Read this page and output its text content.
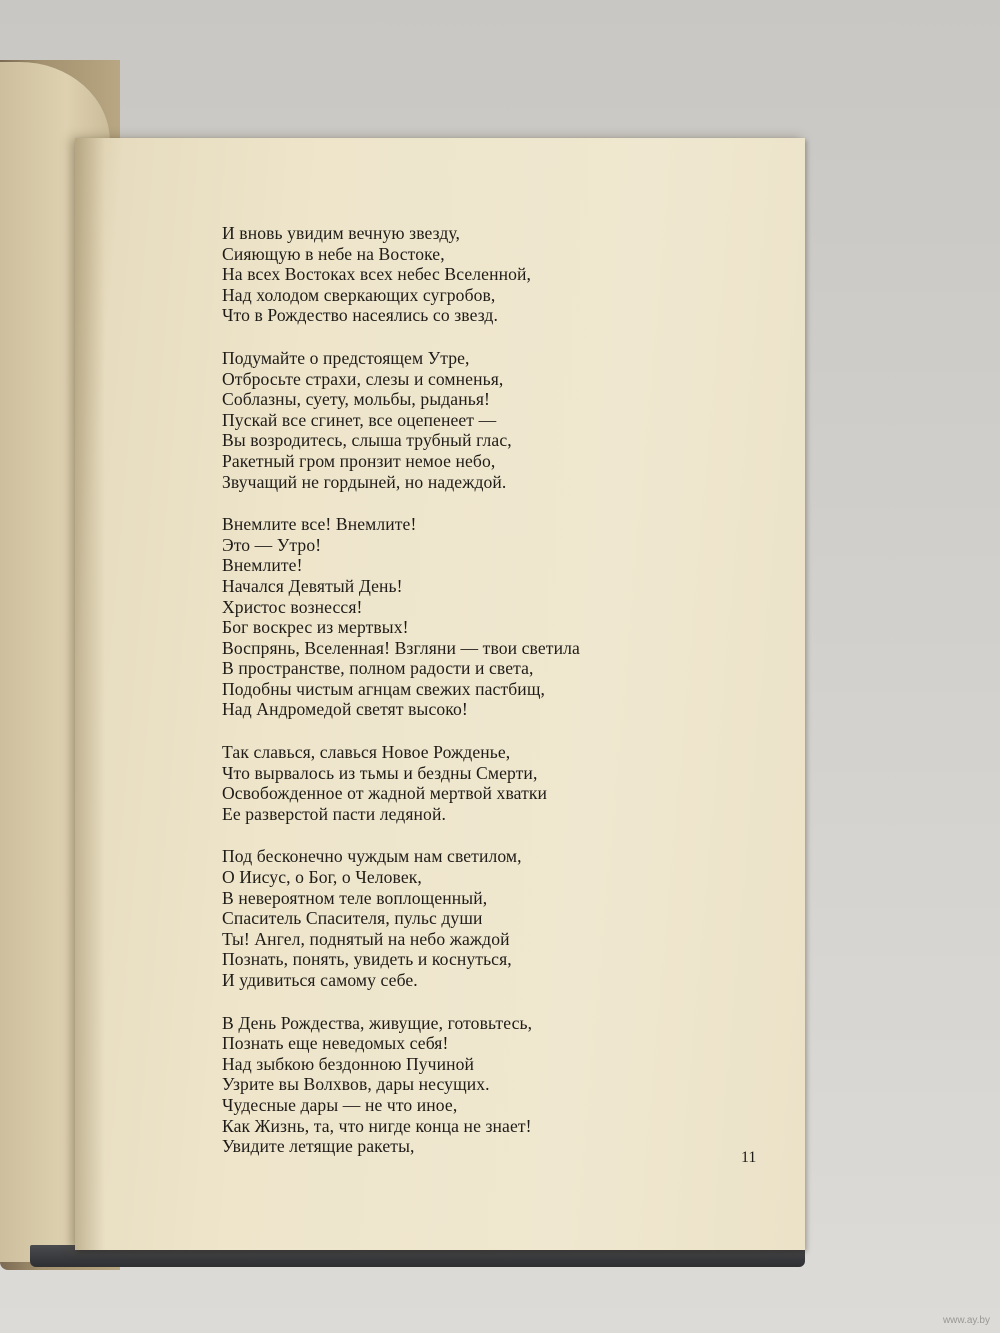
И вновь увидим вечную звезду,
Сияющую в небе на Востоке,
На всех Востоках всех небес Вселенной,
Над холодом сверкающих сугробов,
Что в Рождество насеялись со звезд.
Подумайте о предстоящем Утре,
Отбросьте страхи, слезы и сомненья,
Соблазны, суету, мольбы, рыданья!
Пускай все сгинет, все оцепенеет —
Вы возродитесь, слыша трубный глас,
Ракетный гром пронзит немое небо,
Звучащий не гордыней, но надеждой.
Внемлите все! Внемлите!
Это — Утро!
Внемлите!
Начался Девятый День!
Христос вознесся!
Бог воскрес из мертвых!
Воспрянь, Вселенная! Взгляни — твои светила
В пространстве, полном радости и света,
Подобны чистым агнцам свежих пастбищ,
Над Андромедой светят высоко!
Так славься, славься Новое Рожденье,
Что вырвалось из тьмы и бездны Смерти,
Освобожденное от жадной мертвой хватки
Ее разверстой пасти ледяной.
Под бесконечно чуждым нам светилом,
О Иисус, о Бог, о Человек,
В невероятном теле воплощенный,
Спаситель Спасителя, пульс души
Ты! Ангел, поднятый на небо жаждой
Познать, понять, увидеть и коснуться,
И удивиться самому себе.
В День Рождества, живущие, готовьтесь,
Познать еще неведомых себя!
Над зыбкою бездонною Пучиной
Узрите вы Волхвов, дары несущих.
Чудесные дары — не что иное,
Как Жизнь, та, что нигде конца не знает!
Увидите летящие ракеты,
11
www.ay.by
